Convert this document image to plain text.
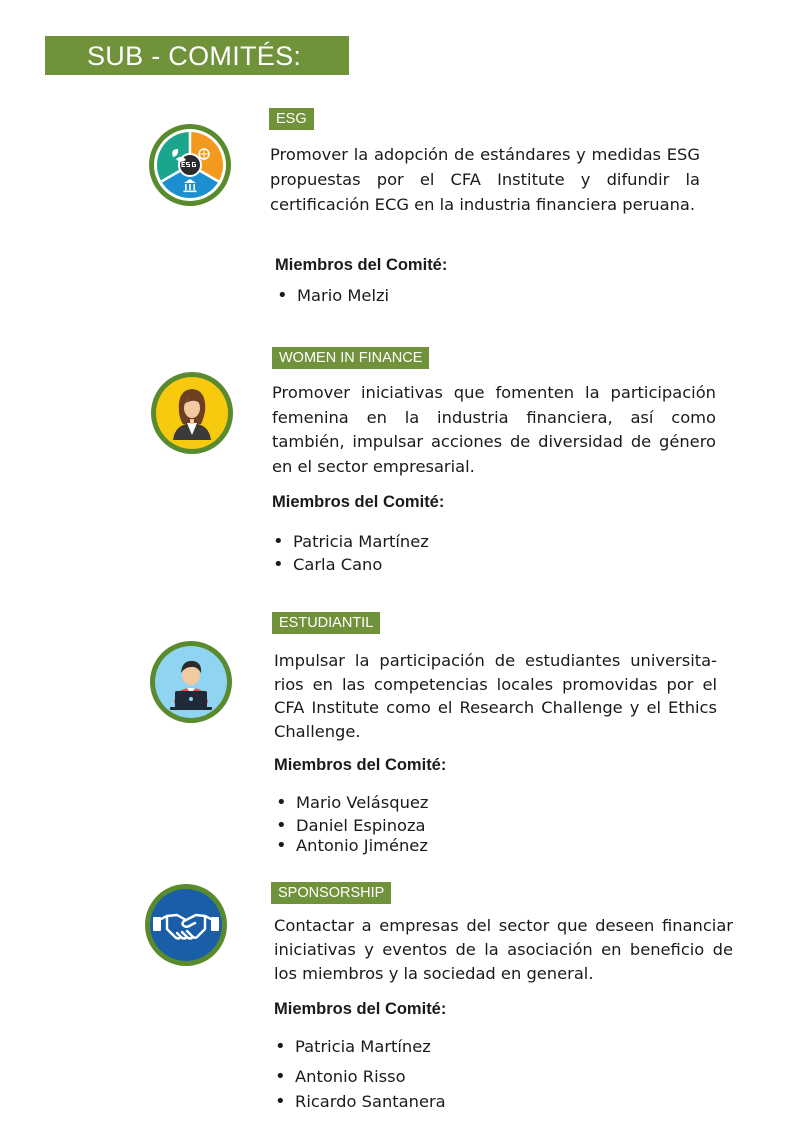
SUB - COMITÉS:
ESG

Promover la adopción de estándares y medidas ESG propuestas por el CFA Institute y difundir la certificación ECG en la industria financiera peruana.

Miembros del Comité:
• Mario Melzi
WOMEN IN FINANCE

Promover iniciativas que fomenten la participación femenina en la industria financiera, así como también, impulsar acciones de diversidad de género en el sector empresarial.

Miembros del Comité:
• Patricia Martínez
• Carla Cano
ESTUDIANTIL

Impulsar la participación de estudiantes universita- rios en las competencias locales promovidas por el CFA Institute como el Research Challenge y el Ethics Challenge.

Miembros del Comité:
• Mario Velásquez
• Daniel Espinoza
• Antonio Jiménez
SPONSORSHIP

Contactar a empresas del sector que deseen financiar iniciativas y eventos de la asociación en beneficio de los miembros y la sociedad en general.

Miembros del Comité:
• Patricia Martínez
• Antonio Risso
• Ricardo Santanera
